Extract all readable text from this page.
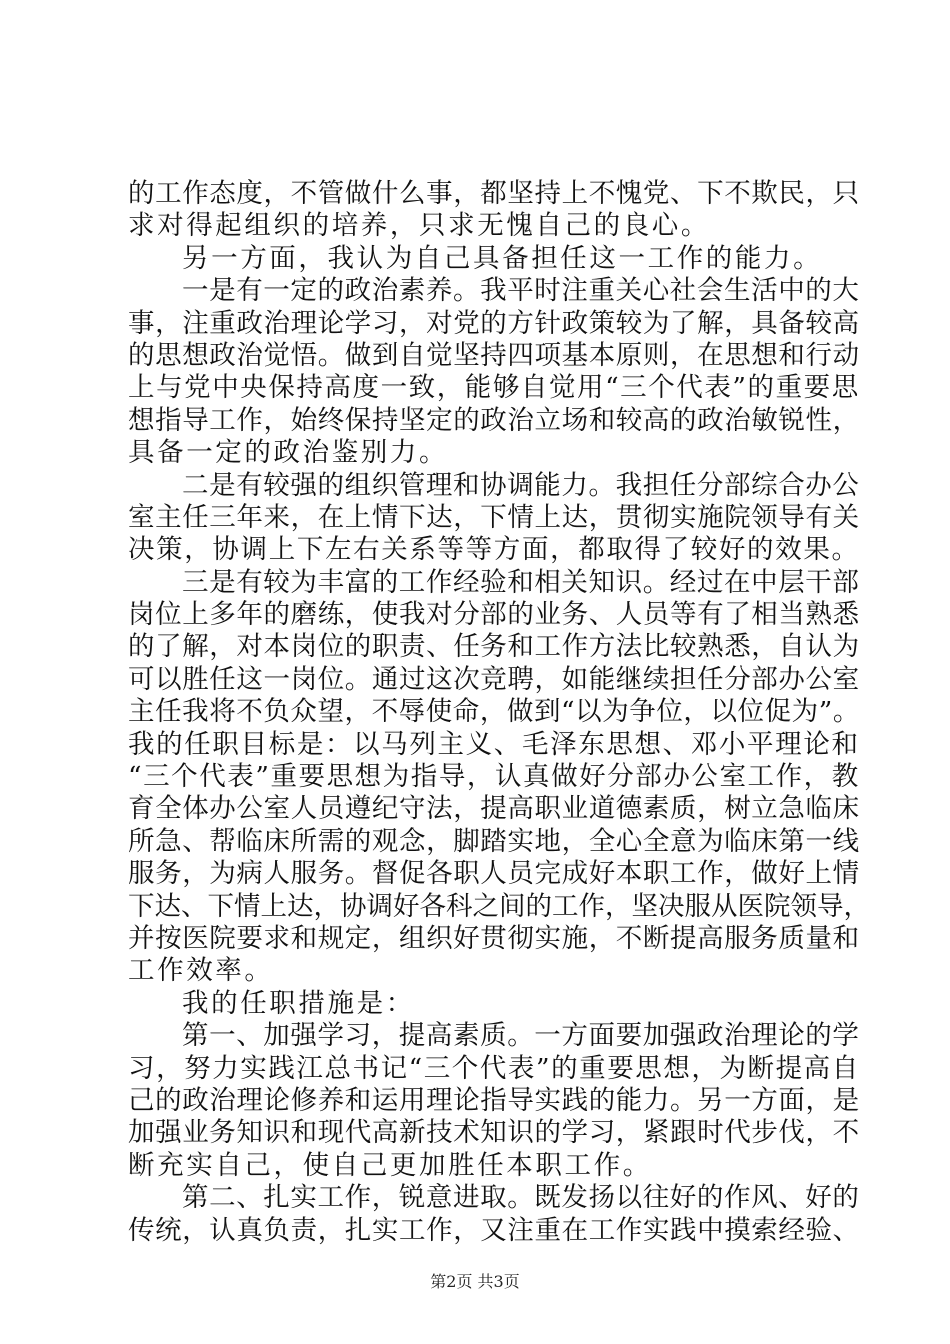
的工作态度，不管做什么事，都坚持上不愧党、下不欺民，只
求对得起组织的培养，只求无愧自己的良心。
另一方面，我认为自己具备担任这一工作的能力。
一是有一定的政治素养。我平时注重关心社会生活中的大
事，注重政治理论学习，对党的方针政策较为了解，具备较高
的思想政治觉悟。做到自觉坚持四项基本原则，在思想和行动
上与党中央保持高度一致，能够自觉用“三个代表”的重要思
想指导工作，始终保持坚定的政治立场和较高的政治敏锐性，
具备一定的政治鉴别力。
二是有较强的组织管理和协调能力。我担任分部综合办公
室主任三年来，在上情下达，下情上达，贯彻实施院领导有关
决策，协调上下左右关系等等方面，都取得了较好的效果。
三是有较为丰富的工作经验和相关知识。经过在中层干部
岗位上多年的磨练，使我对分部的业务、人员等有了相当熟悉
的了解，对本岗位的职责、任务和工作方法比较熟悉，自认为
可以胜任这一岗位。通过这次竞聘，如能继续担任分部办公室
主任我将不负众望，不辱使命，做到“以为争位，以位促为”。
我的任职目标是：以马列主义、毛泽东思想、邓小平理论和
“三个代表”重要思想为指导，认真做好分部办公室工作，教
育全体办公室人员遵纪守法，提高职业道德素质，树立急临床
所急、帮临床所需的观念，脚踏实地，全心全意为临床第一线
服务，为病人服务。督促各职人员完成好本职工作，做好上情
下达、下情上达，协调好各科之间的工作，坚决服从医院领导，
并按医院要求和规定，组织好贯彻实施，不断提高服务质量和
工作效率。
我的任职措施是：
第一、加强学习，提高素质。一方面要加强政治理论的学
习，努力实践江总书记“三个代表”的重要思想，为断提高自
己的政治理论修养和运用理论指导实践的能力。另一方面，是
加强业务知识和现代高新技术知识的学习，紧跟时代步伐，不
断充实自己，使自己更加胜任本职工作。
第二、扎实工作，锐意进取。既发扬以往好的作风、好的
传统，认真负责，扎实工作，又注重在工作实践中摸索经验、
第2页 共3页
